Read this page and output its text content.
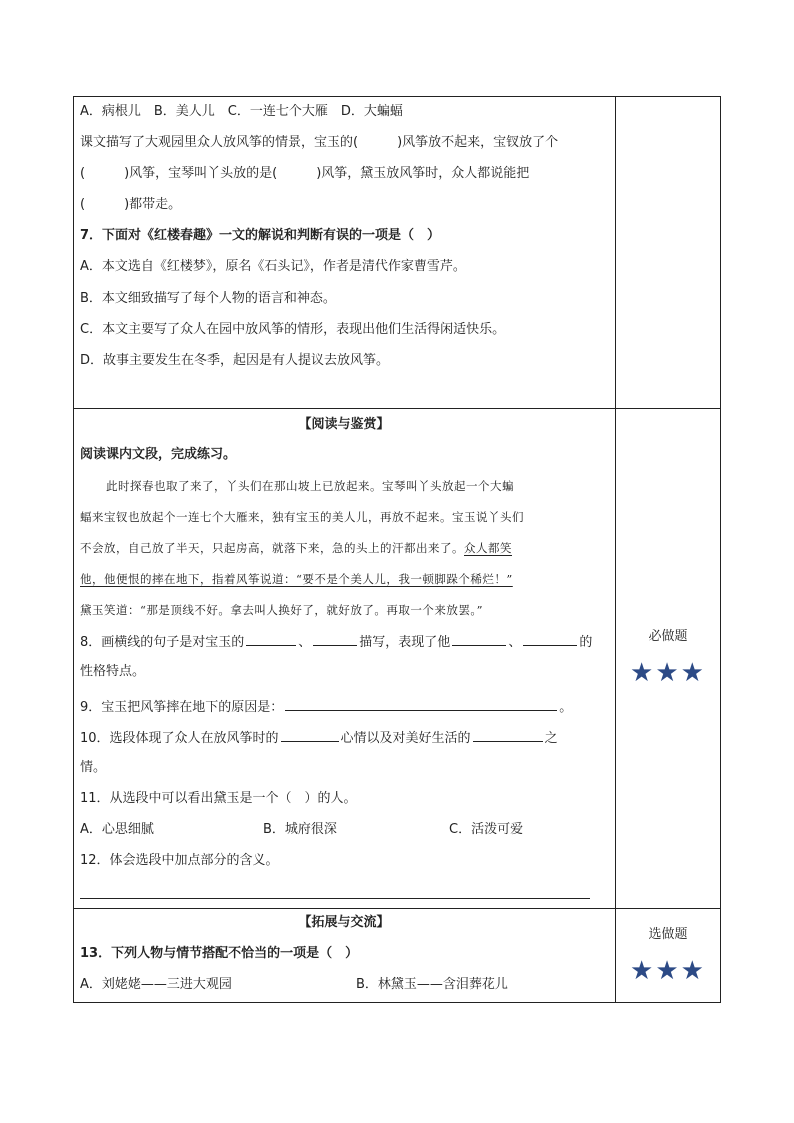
A．病根儿　B．美人儿　C．一连七个大雁　D．大蝙蝠
课文描写了大观园里众人放风筝的情景，宝玉的(　　　)风筝放不起来，宝钗放了个
(　　　)风筝，宝琴叫丫头放的是(　　　)风筝，黛玉放风筝时，众人都说能把
(　　　)都带走。
7．下面对《红楼春趣》一文的解说和判断有误的一项是（　）
A．本文选自《红楼梦》，原名《石头记》，作者是清代作家曹雪芹。
B．本文细致描写了每个人物的语言和神态。
C．本文主要写了众人在园中放风筝的情形，表现出他们生活得闲适快乐。
D．故事主要发生在冬季，起因是有人提议去放风筝。
【阅读与鉴赏】
阅读课内文段，完成练习。
此时探春也取了来了，丫头们在那山坡上已放起来。宝琴叫丫头放起一个大蝙
蝠来宝钗也放起个一连七个大雁来，独有宝玉的美人儿，再放不起来。宝玉说丫头们
不会放，自己放了半天，只起房高，就落下来，急的头上的汗都出来了。众人都笑
他，他便恨的摔在地下，指着风筝说道：“要不是个美人儿，我一顿脚跺个稀烂！”
黛玉笑道：“那是顶线不好。拿去叫人换好了，就好放了。再取一个来放罢。”
8．画横线的句子是对宝玉的	、	描写，表现了他	、	的
性格特点。
9．宝玉把风筝摔在地下的原因是：	。
10．选段体现了众人在放风筝时的	心情以及对美好生活的	之
情。
11．从选段中可以看出黛玉是一个（　）的人。
A．心思细腻	B．城府很深	C．活泼可爱
12．体会选段中加点部分的含义。
必做题
★★★
【拓展与交流】
13．下列人物与情节搭配不恰当的一项是（　）
A．刘姥姥——三进大观园	B．林黛玉——含泪葬花儿
选做题
★★★
